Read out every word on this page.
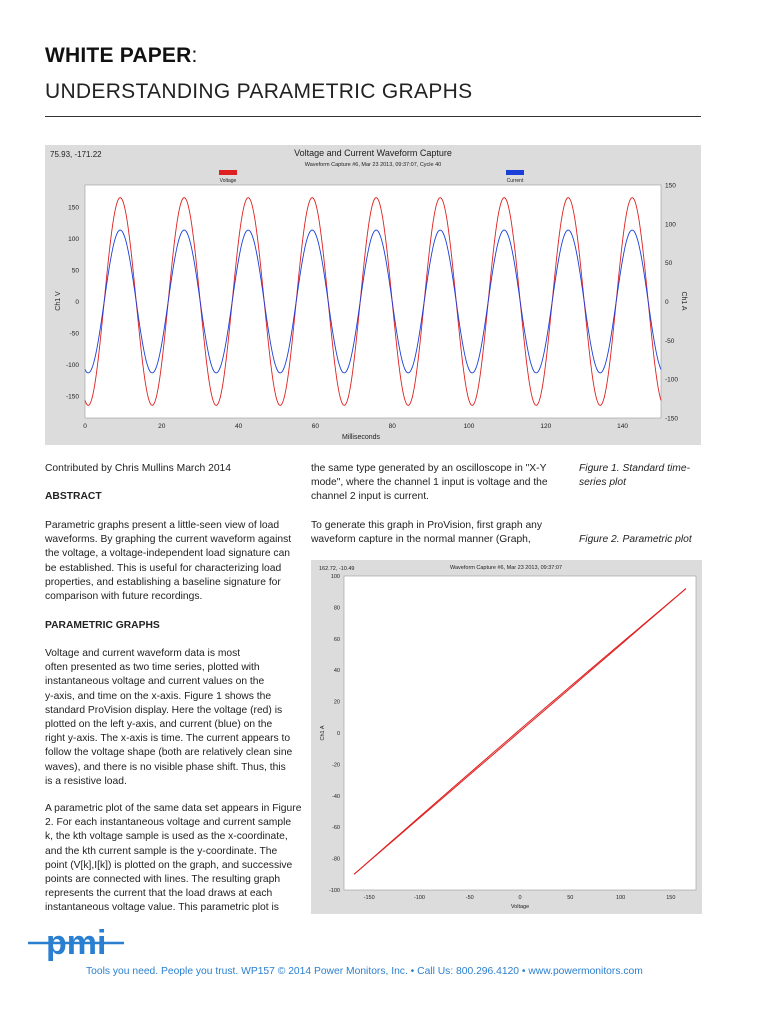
WHITE PAPER:
UNDERSTANDING PARAMETRIC GRAPHS
75.93, -171.22	Voltage and Current Waveform Capture
Waveform Capture #6, Mar 23 2013, 09:37:07, Cycle 40
Voltage	Current
0	20	40	60	80	100	120	140
150
100
50
0
-50
-100
-150
150
100
50
0
-50
-100
-150
Milliseconds
Ch1 V	Ch1 A
Contributed by Chris Mullins March 2014
ABSTRACT
Parametric graphs present a little-seen view of load
waveforms. By graphing the current waveform against
the voltage, a voltage-independent load signature can
be established. This is useful for characterizing load
properties, and establishing a baseline signature for
comparison with future recordings.
PARAMETRIC GRAPHS
Voltage and current waveform data is most
often presented as two time series, plotted with
instantaneous voltage and current values on the
y-axis, and time on the x-axis. Figure 1 shows the
standard ProVision display. Here the voltage (red) is
plotted on the left y-axis, and current (blue) on the
right y-axis. The x-axis is time. The current appears to
follow the voltage shape (both are relatively clean sine
waves), and there is no visible phase shift. Thus, this
is a resistive load.
A parametric plot of the same data set appears in Figure
2. For each instantaneous voltage and current sample
k, the kth voltage sample is used as the x-coordinate,
and the kth current sample is the y-coordinate. The
point (V[k],I[k]) is plotted on the graph, and successive
points are connected with lines. The resulting graph
represents the current that the load draws at each
instantaneous voltage value. This parametric plot is
the same type generated by an oscilloscope in "X-Y
mode", where the channel 1 input is voltage and the
channel 2 input is current.
To generate this graph in ProVision, first graph any
waveform capture in the normal manner (Graph,
Figure 1. Standard time-
series plot
Figure 2. Parametric plot
162.72, -10.49	Waveform Capture #6, Mar 23 2013, 09:37:07
-150	-100	-50	0	50	100	150
100
80
60
40
20
0
-20
-40
-60
-80
-100
Voltage
Ch1 A
pmi
Tools you need. People you trust. WP157 © 2014 Power Monitors, Inc. • Call Us: 800.296.4120 • www.powermonitors.com
